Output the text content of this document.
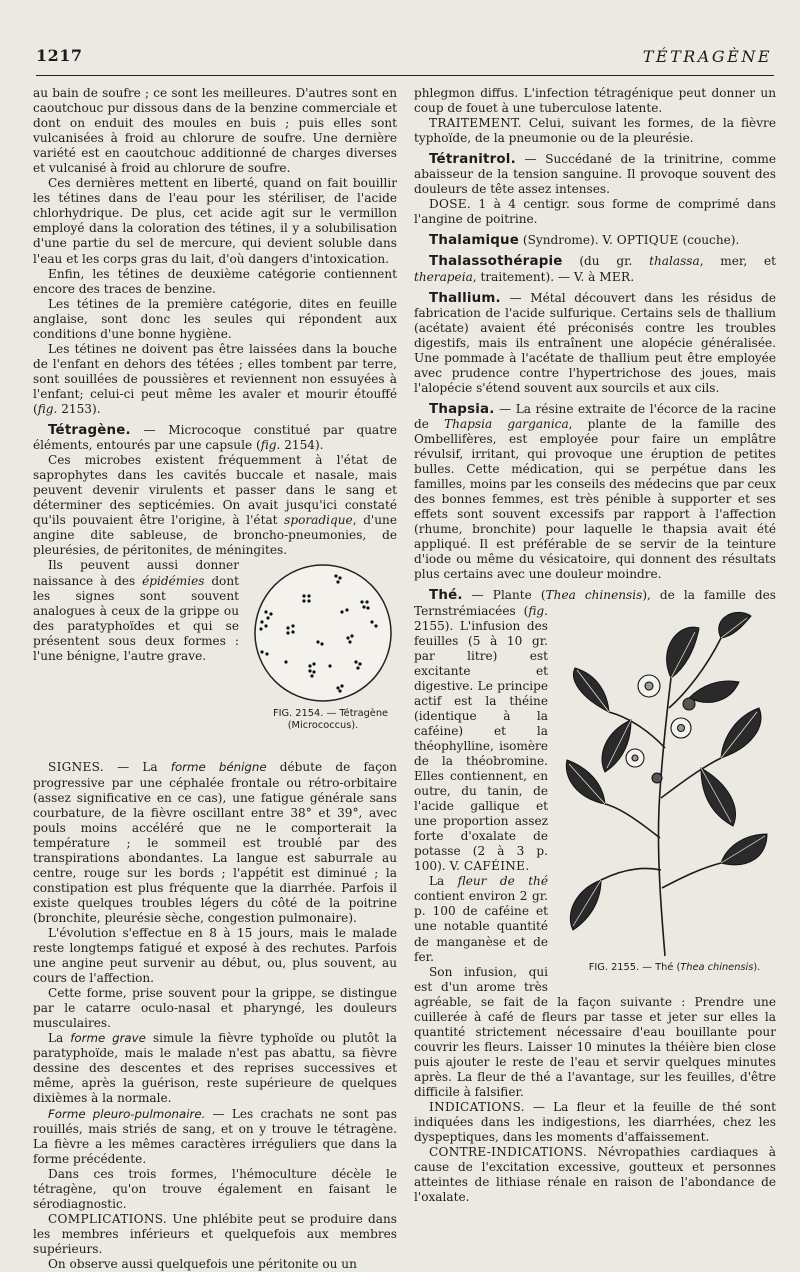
1217	TÉTRAGÈNE

au bain de soufre ; ce sont les meilleures. D'autres sont en caoutchouc pur dissous dans de la benzine commerciale et dont on enduit des moules en buis ; puis elles sont vulcanisées à froid au chlorure de soufre. Une dernière variété est en caoutchouc additionné de charges diverses et vulcanisé à froid au chlorure de soufre.

Ces dernières mettent en liberté, quand on fait bouillir les tétines dans de l'eau pour les stériliser, de l'acide chlorhydrique. De plus, cet acide agit sur le vermillon employé dans la coloration des tétines, il y a solubilisation d'une partie du sel de mercure, qui devient soluble dans l'eau et les corps gras du lait, d'où dangers d'intoxication.

Enfin, les tétines de deuxième catégorie contiennent encore des traces de benzine.

Les tétines de la première catégorie, dites en feuille anglaise, sont donc les seules qui répondent aux conditions d'une bonne hygiène.

Les tétines ne doivent pas être laissées dans la bouche de l'enfant en dehors des tétées ; elles tombent par terre, sont souillées de poussières et reviennent non essuyées à l'enfant; celui-ci peut même les avaler et mourir étouffé (fig. 2153).

Tétragène. — Microcoque constitué par quatre éléments, entourés par une capsule (fig. 2154).

Ces microbes existent fréquemment à l'état de saprophytes dans les cavités buccale et nasale, mais peuvent devenir virulents et passer dans le sang et déterminer des septicémies. On avait jusqu'ici constaté qu'ils pouvaient être l'origine, à l'état sporadique, d'une angine dite sableuse, de broncho-pneumonies, de pleurésies, de péritonites, de méningites.

FIG. 2154. — Tétragène
(Micrococcus).
Ils peuvent aussi donner naissance à des épidémies dont les signes sont souvent analogues à ceux de la grippe ou des paratyphoïdes et qui se présentent sous deux formes : l'une bénigne, l'autre grave.

SIGNES. — La forme bénigne débute de façon progressive par une céphalée frontale ou rétro-orbitaire (assez significative en ce cas), une fatigue générale sans courbature, de la fièvre oscillant entre 38° et 39°, avec pouls moins accéléré que ne le comporterait la température ; le sommeil est troublé par des transpirations abondantes. La langue est saburrale au centre, rouge sur les bords ; l'appétit est diminué ; la constipation est plus fréquente que la diarrhée. Parfois il existe quelques troubles légers du côté de la poitrine (bronchite, pleurésie sèche, congestion pulmonaire).

L'évolution s'effectue en 8 à 15 jours, mais le malade reste longtemps fatigué et exposé à des rechutes. Parfois une angine peut survenir au début, ou, plus souvent, au cours de l'affection.

Cette forme, prise souvent pour la grippe, se distingue par le catarre oculo-nasal et pharyngé, les douleurs musculaires.

La forme grave simule la fièvre typhoïde ou plutôt la paratyphoïde, mais le malade n'est pas abattu, sa fièvre dessine des descentes et des reprises successives et même, après la guérison, reste supérieure de quelques dixièmes à la normale.

Forme pleuro-pulmonaire. — Les crachats ne sont pas rouillés, mais striés de sang, et on y trouve le tétragène. La fièvre a les mêmes caractères irréguliers que dans la forme précédente.

Dans ces trois formes, l'hémoculture décèle le tétragène, qu'on trouve également en faisant le sérodiagnostic.

COMPLICATIONS. Une phlébite peut se produire dans les membres inférieurs et quelquefois aux membres supérieurs.

On observe aussi quelquefois une péritonite ou un

phlegmon diffus. L'infection tétragénique peut donner un coup de fouet à une tuberculose latente.

TRAITEMENT. Celui, suivant les formes, de la fièvre typhoïde, de la pneumonie ou de la pleurésie.

Tétranitrol. — Succédané de la trinitrine, comme abaisseur de la tension sanguine. Il provoque souvent des douleurs de tête assez intenses.

DOSE. 1 à 4 centigr. sous forme de comprimé dans l'angine de poitrine.

Thalamique (Syndrome). V. OPTIQUE (couche).

Thalassothérapie (du gr. thalassa, mer, et therapeia, traitement). — V. à MER.

Thallium. — Métal découvert dans les résidus de fabrication de l'acide sulfurique. Certains sels de thallium (acétate) avaient été préconisés contre les troubles digestifs, mais ils entraînent une alopécie généralisée. Une pommade à l'acétate de thallium peut être employée avec prudence contre l'hypertrichose des joues, mais l'alopécie s'étend souvent aux sourcils et aux cils.

Thapsia. — La résine extraite de l'écorce de la racine de Thapsia garganica, plante de la famille des Ombellifères, est employée pour faire un emplâtre révulsif, irritant, qui provoque une éruption de petites bulles. Cette médication, qui se perpétue dans les familles, moins par les conseils des médecins que par ceux des bonnes femmes, est très pénible à supporter et ses effets sont souvent excessifs par rapport à l'affection (rhume, bronchite) pour laquelle le thapsia avait été appliqué. Il est préférable de se servir de la teinture d'iode ou même du vésicatoire, qui donnent des résultats plus certains avec une douleur moindre.

Thé. — Plante (Thea chinensis), de la famille des Ternstrémiacées (fig.
FIG. 2155. — Thé (Thea chinensis).
2155). L'infusion des feuilles (5 à 10 gr. par litre) est excitante et digestive. Le principe actif est la théine (identique à la caféine) et la théophylline, isomère de la théobromine. Elles contiennent, en outre, du tanin, de l'acide gallique et une proportion assez forte d'oxalate de potasse (2 à 3 p. 100). V. CAFÉINE.

La fleur de thé contient environ 2 gr. p. 100 de caféine et une notable quantité de manganèse et de fer.

Son infusion, qui est d'un arome très agréable, se fait de la façon suivante : Prendre une cuillerée à café de fleurs par tasse et jeter sur elles la quantité strictement nécessaire d'eau bouillante pour couvrir les fleurs. Laisser 10 minutes la théière bien close puis ajouter le reste de l'eau et servir quelques minutes après. La fleur de thé a l'avantage, sur les feuilles, d'être difficile à falsifier.

INDICATIONS. — La fleur et la feuille de thé sont indiquées dans les indigestions, les diarrhées, chez les dyspeptiques, dans les moments d'affaissement.

CONTRE-INDICATIONS. Névropathies cardiaques à cause de l'excitation excessive, goutteux et personnes atteintes de lithiase rénale en raison de l'abondance de l'oxalate.
